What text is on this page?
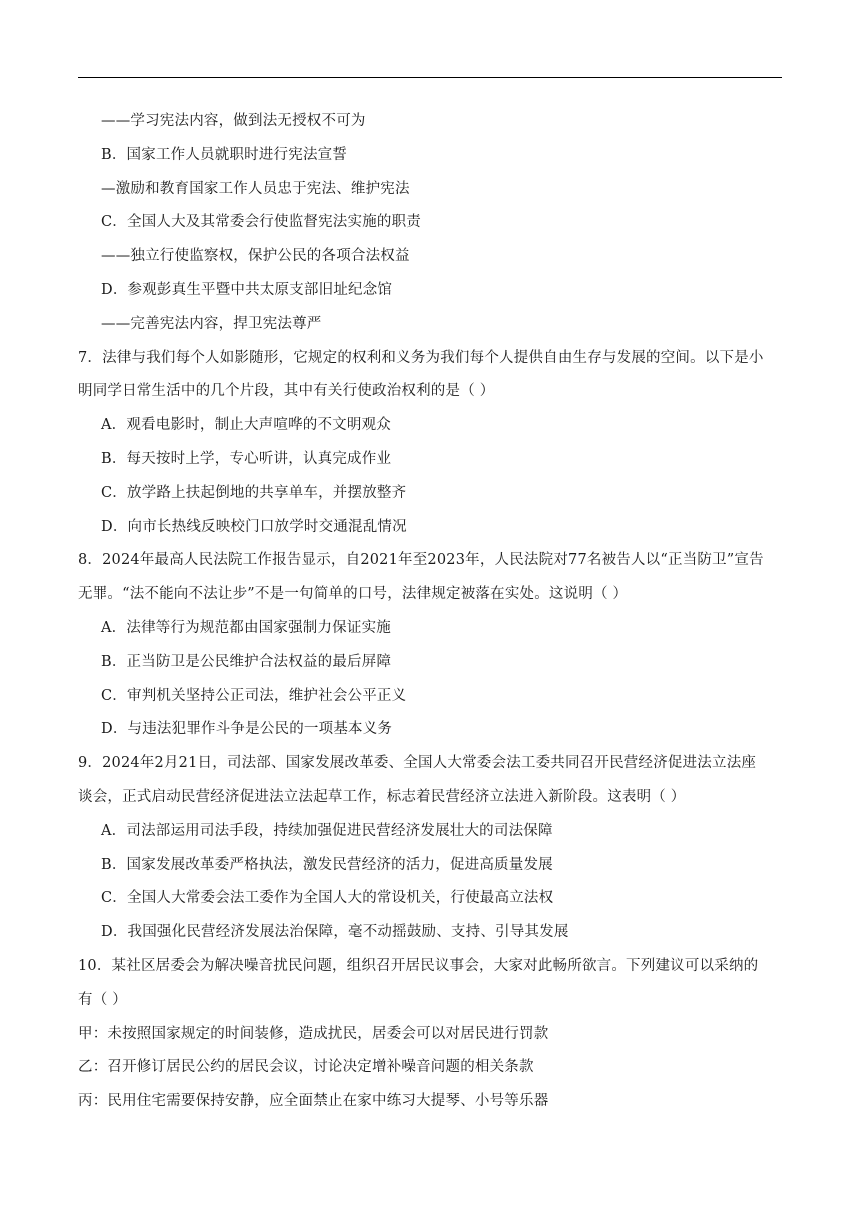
——学习宪法内容，做到法无授权不可为
B．国家工作人员就职时进行宪法宣誓
—激励和教育国家工作人员忠于宪法、维护宪法
C．全国人大及其常委会行使监督宪法实施的职责
——独立行使监察权，保护公民的各项合法权益
D．参观彭真生平暨中共太原支部旧址纪念馆
——完善宪法内容，捍卫宪法尊严
7．法律与我们每个人如影随形，它规定的权利和义务为我们每个人提供自由生存与发展的空间。以下是小
明同学日常生活中的几个片段，其中有关行使政治权利的是（ ）
A．观看电影时，制止大声喧哗的不文明观众
B．每天按时上学，专心听讲，认真完成作业
C．放学路上扶起倒地的共享单车，并摆放整齐
D．向市长热线反映校门口放学时交通混乱情况
8．2024年最高人民法院工作报告显示，自2021年至2023年，人民法院对77名被告人以“正当防卫”宣告
无罪。“法不能向不法让步”不是一句简单的口号，法律规定被落在实处。这说明（ ）
A．法律等行为规范都由国家强制力保证实施
B．正当防卫是公民维护合法权益的最后屏障
C．审判机关坚持公正司法，维护社会公平正义
D．与违法犯罪作斗争是公民的一项基本义务
9．2024年2月21日，司法部、国家发展改革委、全国人大常委会法工委共同召开民营经济促进法立法座
谈会，正式启动民营经济促进法立法起草工作，标志着民营经济立法进入新阶段。这表明（ ）
A．司法部运用司法手段，持续加强促进民营经济发展壮大的司法保障
B．国家发展改革委严格执法，激发民营经济的活力，促进高质量发展
C．全国人大常委会法工委作为全国人大的常设机关，行使最高立法权
D．我国强化民营经济发展法治保障，毫不动摇鼓励、支持、引导其发展
10．某社区居委会为解决噪音扰民问题，组织召开居民议事会，大家对此畅所欲言。下列建议可以采纳的
有（ ）
甲：未按照国家规定的时间装修，造成扰民，居委会可以对居民进行罚款
乙：召开修订居民公约的居民会议，讨论决定增补噪音问题的相关条款
丙：民用住宅需要保持安静，应全面禁止在家中练习大提琴、小号等乐器
